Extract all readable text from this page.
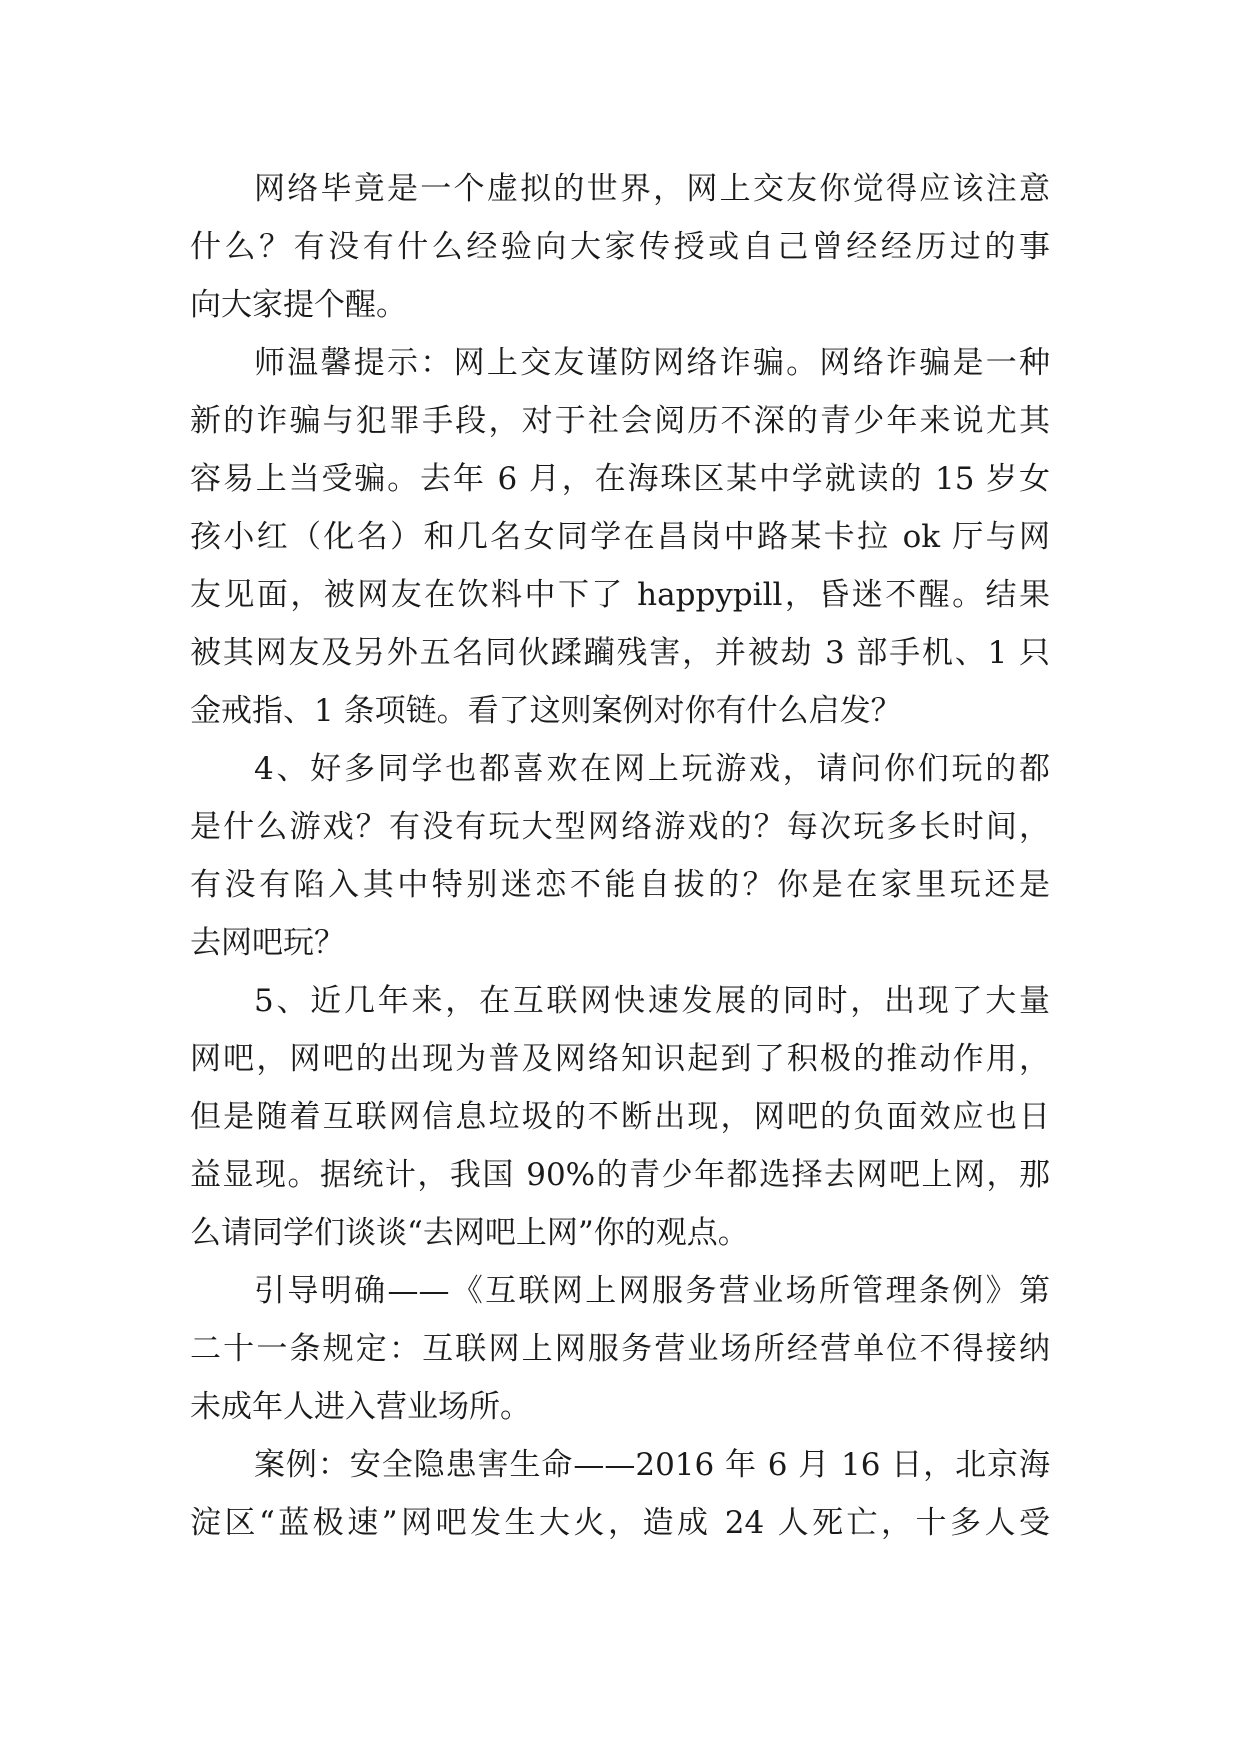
网络毕竟是一个虚拟的世界，网上交友你觉得应该注意
什么？有没有什么经验向大家传授或自己曾经经历过的事
向大家提个醒。
师温馨提示：网上交友谨防网络诈骗。网络诈骗是一种
新的诈骗与犯罪手段，对于社会阅历不深的青少年来说尤其
容易上当受骗。去年 6 月，在海珠区某中学就读的 15 岁女
孩小红（化名）和几名女同学在昌岗中路某卡拉 ok 厅与网
友见面，被网友在饮料中下了 happypill，昏迷不醒。结果
被其网友及另外五名同伙蹂躏残害，并被劫 3 部手机、1 只
金戒指、1 条项链。看了这则案例对你有什么启发？
4、好多同学也都喜欢在网上玩游戏，请问你们玩的都
是什么游戏？有没有玩大型网络游戏的？每次玩多长时间，
有没有陷入其中特别迷恋不能自拔的？你是在家里玩还是
去网吧玩？
5、近几年来，在互联网快速发展的同时，出现了大量
网吧，网吧的出现为普及网络知识起到了积极的推动作用，
但是随着互联网信息垃圾的不断出现，网吧的负面效应也日
益显现。据统计，我国 90%的青少年都选择去网吧上网，那
么请同学们谈谈“去网吧上网”你的观点。
引导明确——《互联网上网服务营业场所管理条例》第
二十一条规定：互联网上网服务营业场所经营单位不得接纳
未成年人进入营业场所。
案例：安全隐患害生命——2016 年 6 月 16 日，北京海
淀区“蓝极速”网吧发生大火，造成 24 人死亡，十多人受
